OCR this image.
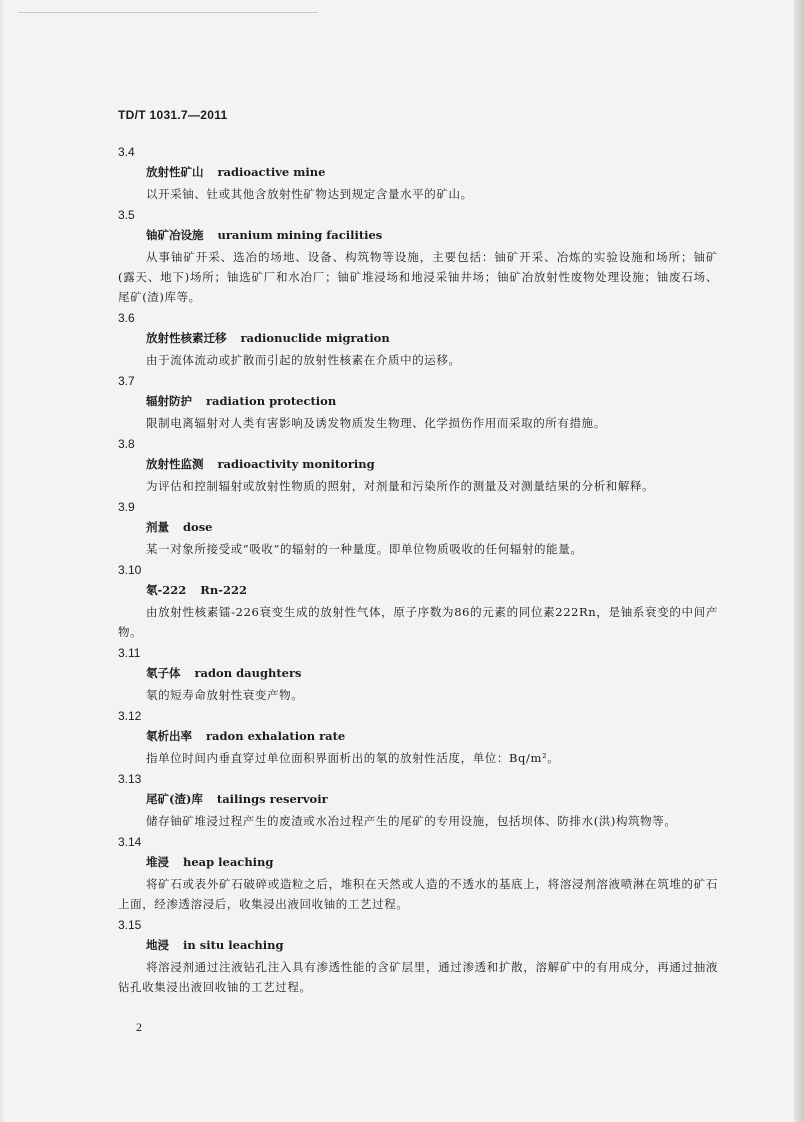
TD/T 1031.7—2011
3.4
放射性矿山 radioactive mine
以开采铀、钍或其他含放射性矿物达到规定含量水平的矿山。
3.5
铀矿冶设施 uranium mining facilities
从事铀矿开采、选冶的场地、设备、构筑物等设施，主要包括：铀矿开采、冶炼的实验设施和场所；铀矿(露天、地下)场所；铀选矿厂和水冶厂；铀矿堆浸场和地浸采铀井场；铀矿冶放射性废物处理设施；铀废石场、尾矿(渣)库等。
3.6
放射性核素迁移 radionuclide migration
由于流体流动或扩散而引起的放射性核素在介质中的运移。
3.7
辐射防护 radiation protection
限制电离辐射对人类有害影响及诱发物质发生物理、化学损伤作用而采取的所有措施。
3.8
放射性监测 radioactivity monitoring
为评估和控制辐射或放射性物质的照射，对剂量和污染所作的测量及对测量结果的分析和解释。
3.9
剂量 dose
某一对象所接受或“吸收”的辐射的一种量度。即单位物质吸收的任何辐射的能量。
3.10
氡-222 Rn-222
由放射性核素镭-226衰变生成的放射性气体，原子序数为86的元素的同位素222Rn，是铀系衰变的中间产物。
3.11
氡子体 radon daughters
氡的短寿命放射性衰变产物。
3.12
氡析出率 radon exhalation rate
指单位时间内垂直穿过单位面积界面析出的氡的放射性活度，单位：Bq/m²。
3.13
尾矿(渣)库 tailings reservoir
储存铀矿堆浸过程产生的废渣或水冶过程产生的尾矿的专用设施，包括坝体、防排水(洪)构筑物等。
3.14
堆浸 heap leaching
将矿石或表外矿石破碎或造粒之后，堆积在天然或人造的不透水的基底上，将溶浸剂溶液喷淋在筑堆的矿石上面，经渗透溶浸后，收集浸出液回收铀的工艺过程。
3.15
地浸 in situ leaching
将溶浸剂通过注液钻孔注入具有渗透性能的含矿层里，通过渗透和扩散，溶解矿中的有用成分，再通过抽液钻孔收集浸出液回收铀的工艺过程。
2
